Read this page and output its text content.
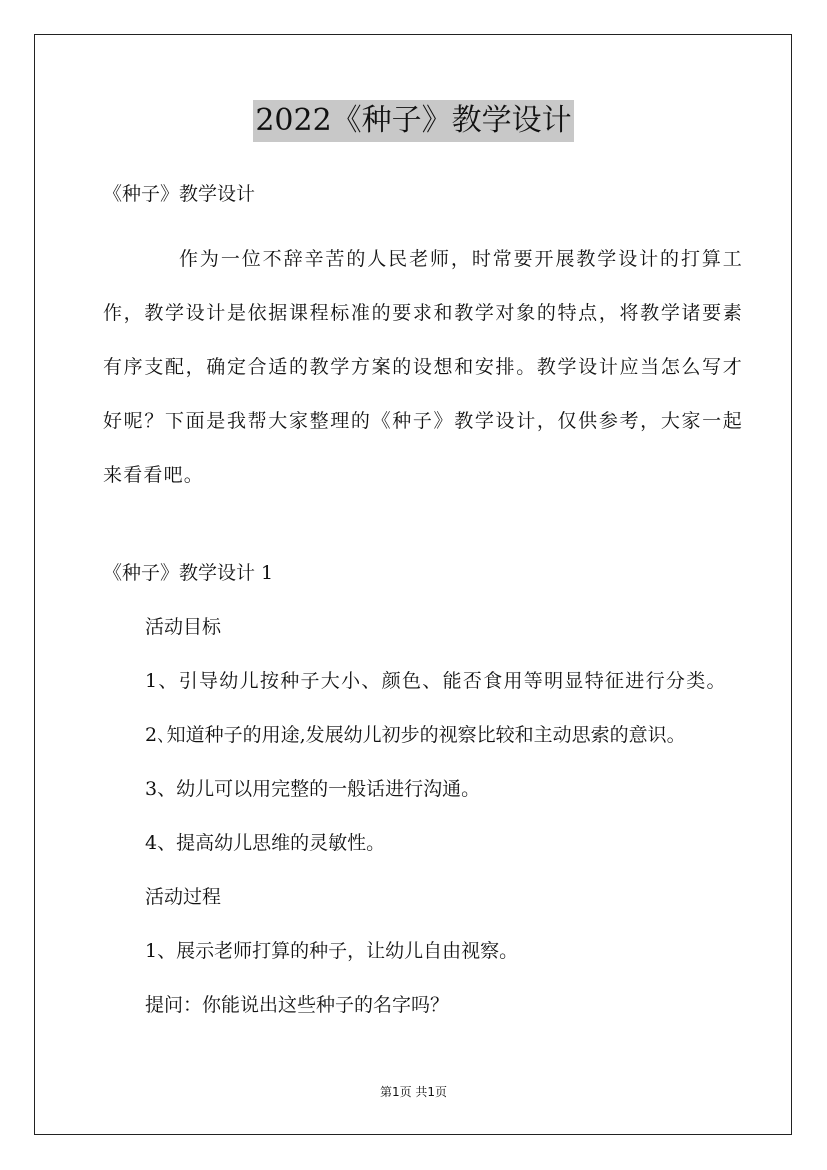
2022《种子》教学设计
《种子》教学设计
作为一位不辞辛苦的人民老师，时常要开展教学设计的打算工作，教学设计是依据课程标准的要求和教学对象的特点，将教学诸要素有序支配，确定合适的教学方案的设想和安排。教学设计应当怎么写才好呢？下面是我帮大家整理的《种子》教学设计，仅供参考，大家一起来看看吧。
《种子》教学设计 1
活动目标
1、引导幼儿按种子大小、颜色、能否食用等明显特征进行分类。
2､知道种子的用途,发展幼儿初步的视察比较和主动思索的意识。
3、幼儿可以用完整的一般话进行沟通。
4、提高幼儿思维的灵敏性。
活动过程
1、展示老师打算的种子，让幼儿自由视察。
提问：你能说出这些种子的名字吗？
第1页 共1页
